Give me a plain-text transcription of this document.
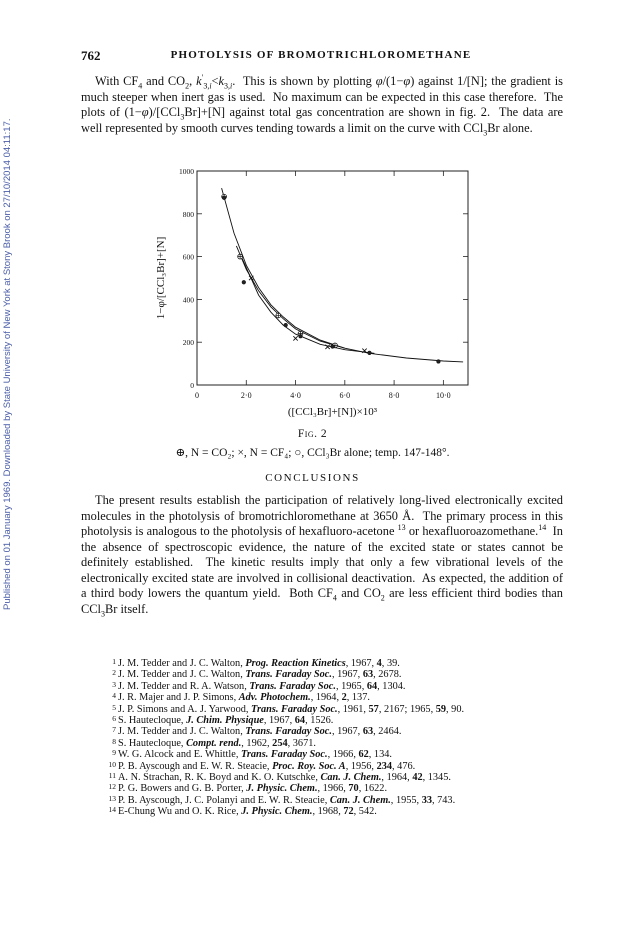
Published on 01 January 1969. Downloaded by State University of New York at Stony Brook on 27/10/2014 04:11:17.
762	PHOTOLYSIS OF BROMOTRICHLOROMETHANE

With $CF_4$ and $CO_2$, $k'_{3,i}<k_{3,i}$.  This is shown by plotting φ/(1−φ) against 1/[N]; the gradient is much steeper when inert gas is used.  No maximum can be expected in this case therefore.  The plots of (1−φ)/[CCl$_3$Br]+[N] against total gas concentration are shown in fig. 2.  The data are well represented by smooth curves tending towards a limit on the curve with CCl$_3$Br alone.

0	2·0	4·0	6·0	8·0	10·0
0
200
400
600
800
1000
([CCl₃Br]+[N])×10³
1−φ/[CCl₃Br]+[N]
Fig. 2
⊕, N = CO₂; ×, N = CF₄; ○, CCl₃Br alone; temp. 147-148°.
CONCLUSIONS

The present results establish the participation of relatively long-lived electronically excited molecules in the photolysis of bromotrichloromethane at 3650 Å.  The primary process in this photolysis is analogous to the photolysis of hexafluoro-acetone $^{13}$ or hexafluoroazomethane.$^{14}$  In the absence of spectroscopic evidence, the nature of the excited state or states cannot be definitely established.  The kinetic results imply that only a few vibrational levels of the electronically excited state are involved in collisional deactivation.  As expected, the addition of a third body lowers the quantum yield.  Both $CF_4$ and $CO_2$ are less efficient third bodies than CCl$_3$Br itself.

1 J. M. Tedder and J. C. Walton, Prog. Reaction Kinetics, 1967, 4, 39.
2 J. M. Tedder and J. C. Walton, Trans. Faraday Soc., 1967, 63, 2678.
3 J. M. Tedder and R. A. Watson, Trans. Faraday Soc., 1965, 64, 1304.
4 J. R. Majer and J. P. Simons, Adv. Photochem., 1964, 2, 137.
5 J. P. Simons and A. J. Yarwood, Trans. Faraday Soc., 1961, 57, 2167; 1965, 59, 90.
6 S. Hautecloque, J. Chim. Physique, 1967, 64, 1526.
7 J. M. Tedder and J. C. Walton, Trans. Faraday Soc., 1967, 63, 2464.
8 S. Hautecloque, Compt. rend., 1962, 254, 3671.
9 W. G. Alcock and E. Whittle, Trans. Faraday Soc., 1966, 62, 134.
10 P. B. Ayscough and E. W. R. Steacie, Proc. Roy. Soc. A, 1956, 234, 476.
11 A. N. Strachan, R. K. Boyd and K. O. Kutschke, Can. J. Chem., 1964, 42, 1345.
12 P. G. Bowers and G. B. Porter, J. Physic. Chem., 1966, 70, 1622.
13 P. B. Ayscough, J. C. Polanyi and E. W. R. Steacie, Can. J. Chem., 1955, 33, 743.
14 E-Chung Wu and O. K. Rice, J. Physic. Chem., 1968, 72, 542.
